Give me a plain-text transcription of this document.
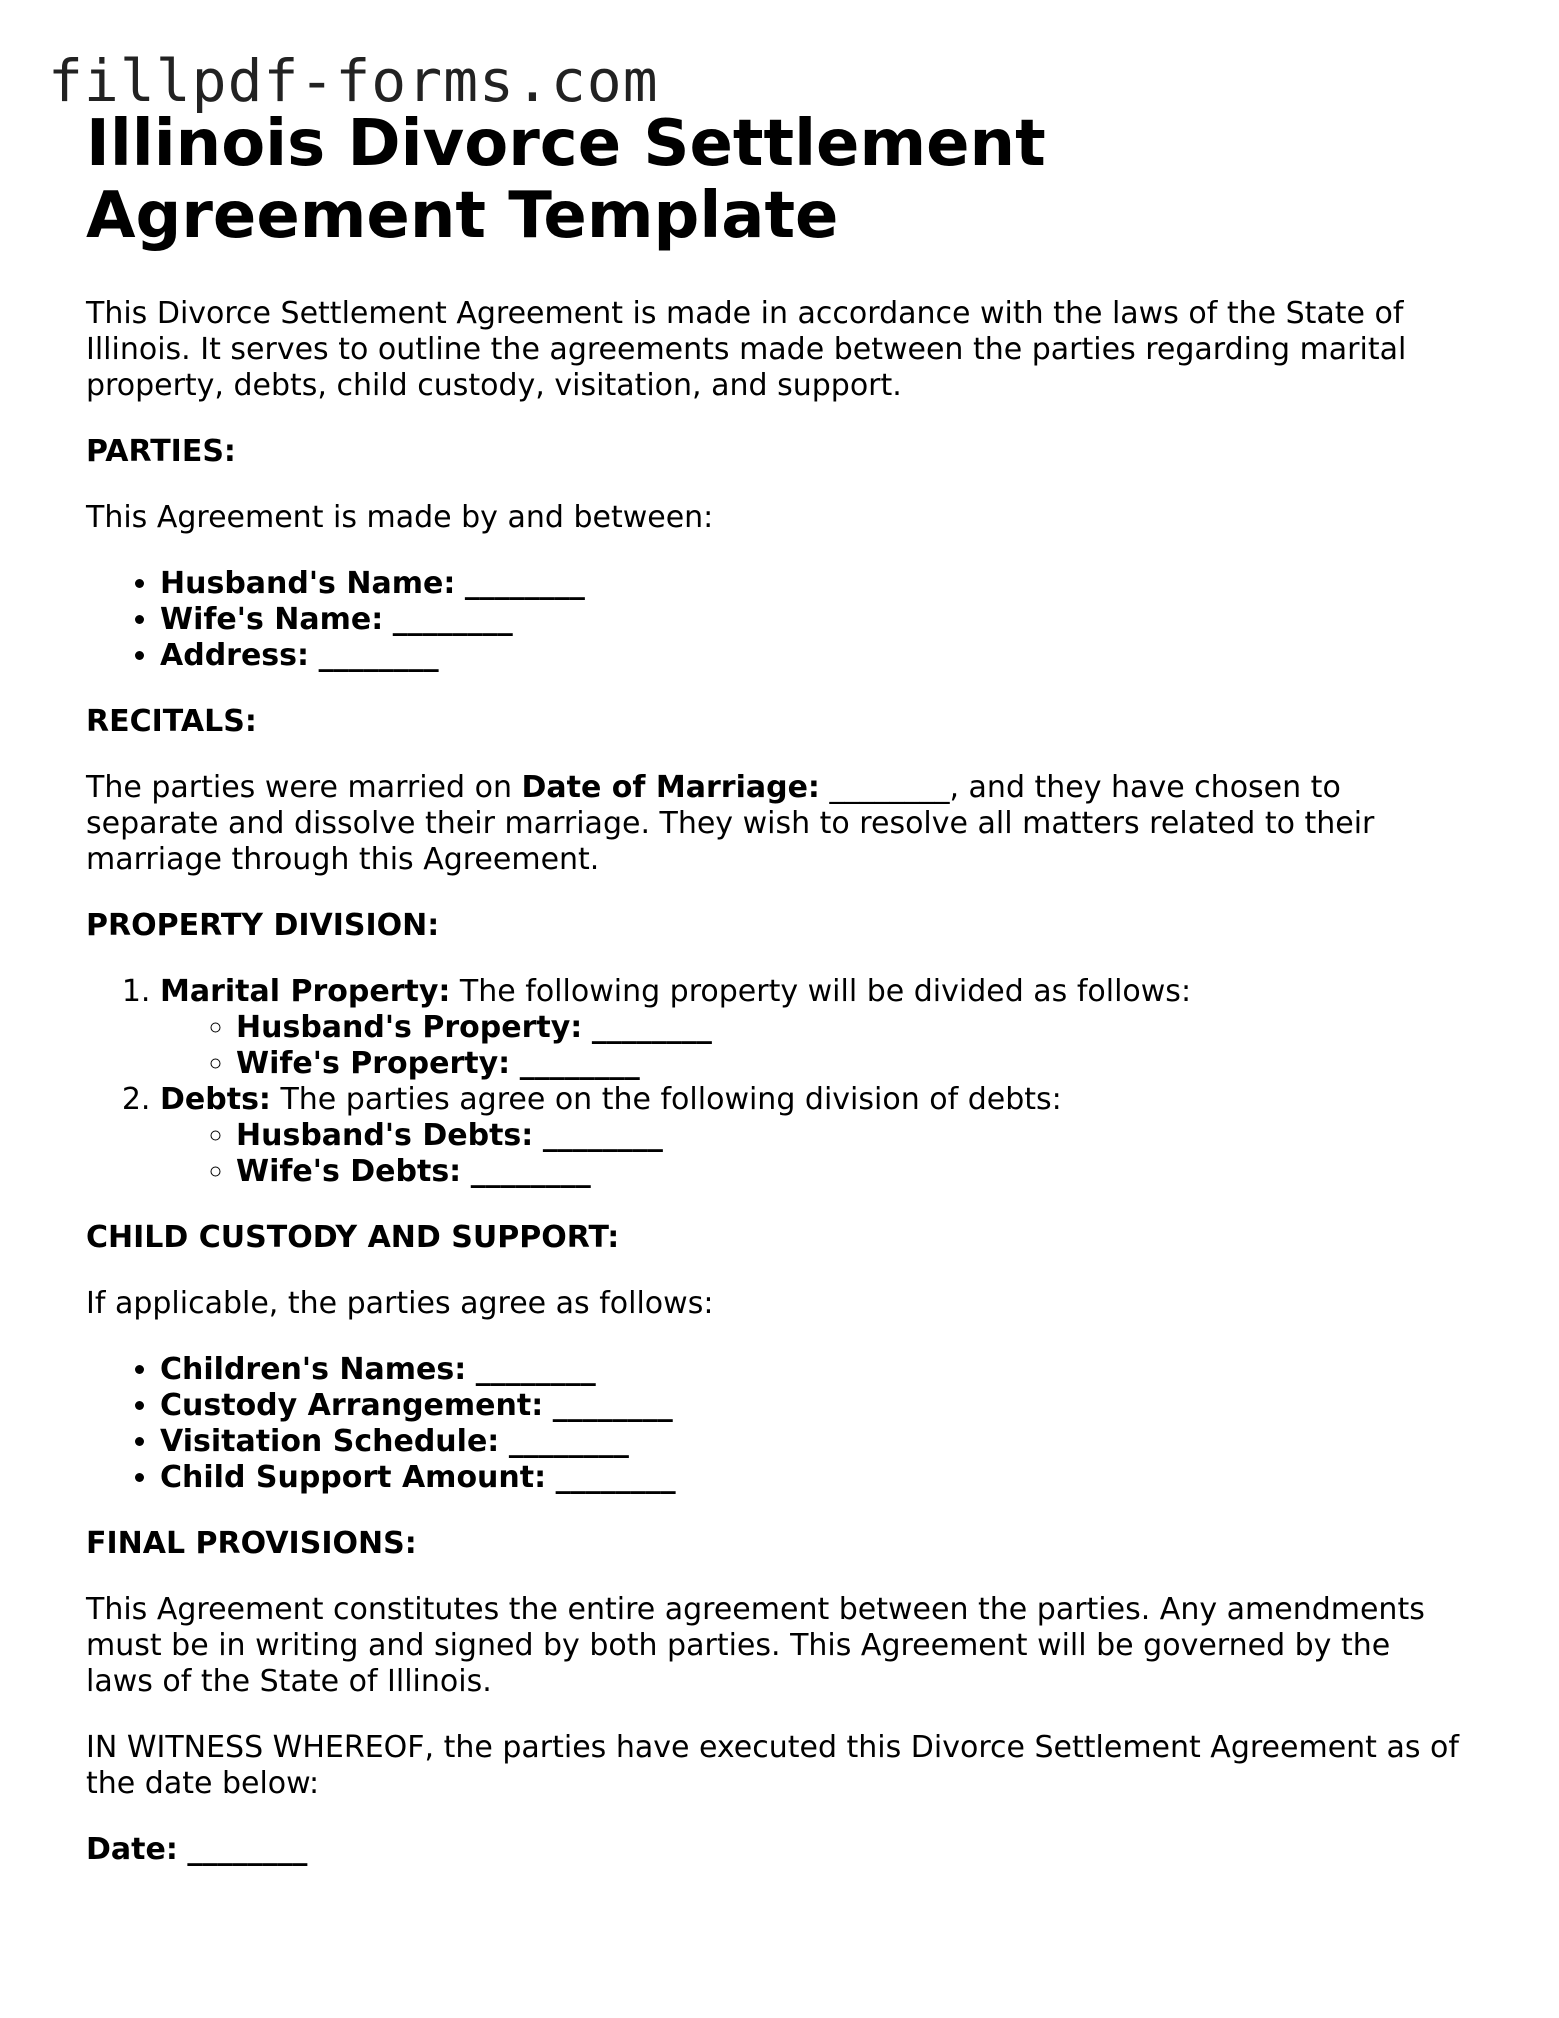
fillpdf-forms.com
Illinois Divorce Settlement Agreement Template

This Divorce Settlement Agreement is made in accordance with the laws of the State of Illinois. It serves to outline the agreements made between the parties regarding marital property, debts, child custody, visitation, and support.

PARTIES:

This Agreement is made by and between:

• Husband's Name: ________
• Wife's Name: ________
• Address: ________
RECITALS:

The parties were married on Date of Marriage: ________, and they have chosen to separate and dissolve their marriage. They wish to resolve all matters related to their marriage through this Agreement.

PROPERTY DIVISION:
1. Marital Property: The following property will be divided as follows:
◦ Husband's Property: ________
◦ Wife's Property: ________
2. Debts: The parties agree on the following division of debts:
◦ Husband's Debts: ________
◦ Wife's Debts: ________
CHILD CUSTODY AND SUPPORT:

If applicable, the parties agree as follows:

• Children's Names: ________
• Custody Arrangement: ________
• Visitation Schedule: ________
• Child Support Amount: ________
FINAL PROVISIONS:

This Agreement constitutes the entire agreement between the parties. Any amendments must be in writing and signed by both parties. This Agreement will be governed by the laws of the State of Illinois.

IN WITNESS WHEREOF, the parties have executed this Divorce Settlement Agreement as of the date below:

Date: ________
